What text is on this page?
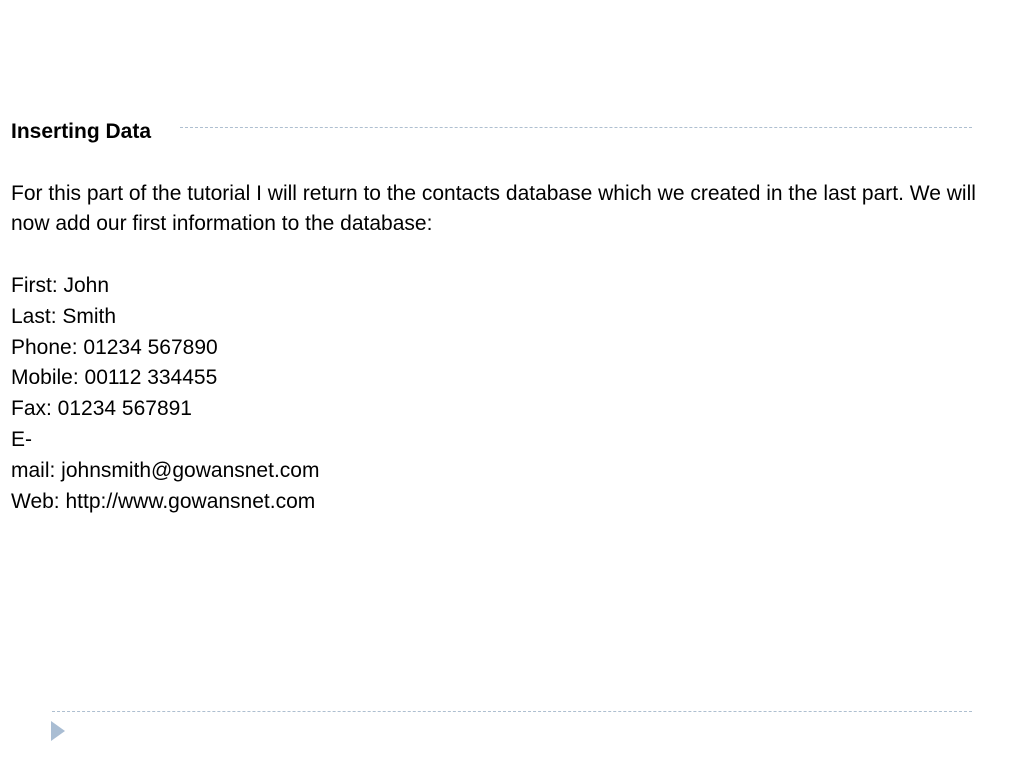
Inserting Data
For this part of the tutorial I will return to the contacts database which we created in the last part. We will now add our first information to the database:
First: John
Last: Smith
Phone: 01234 567890
Mobile: 00112 334455
Fax: 01234 567891
E-
mail: johnsmith@gowansnet.com
Web: http://www.gowansnet.com
